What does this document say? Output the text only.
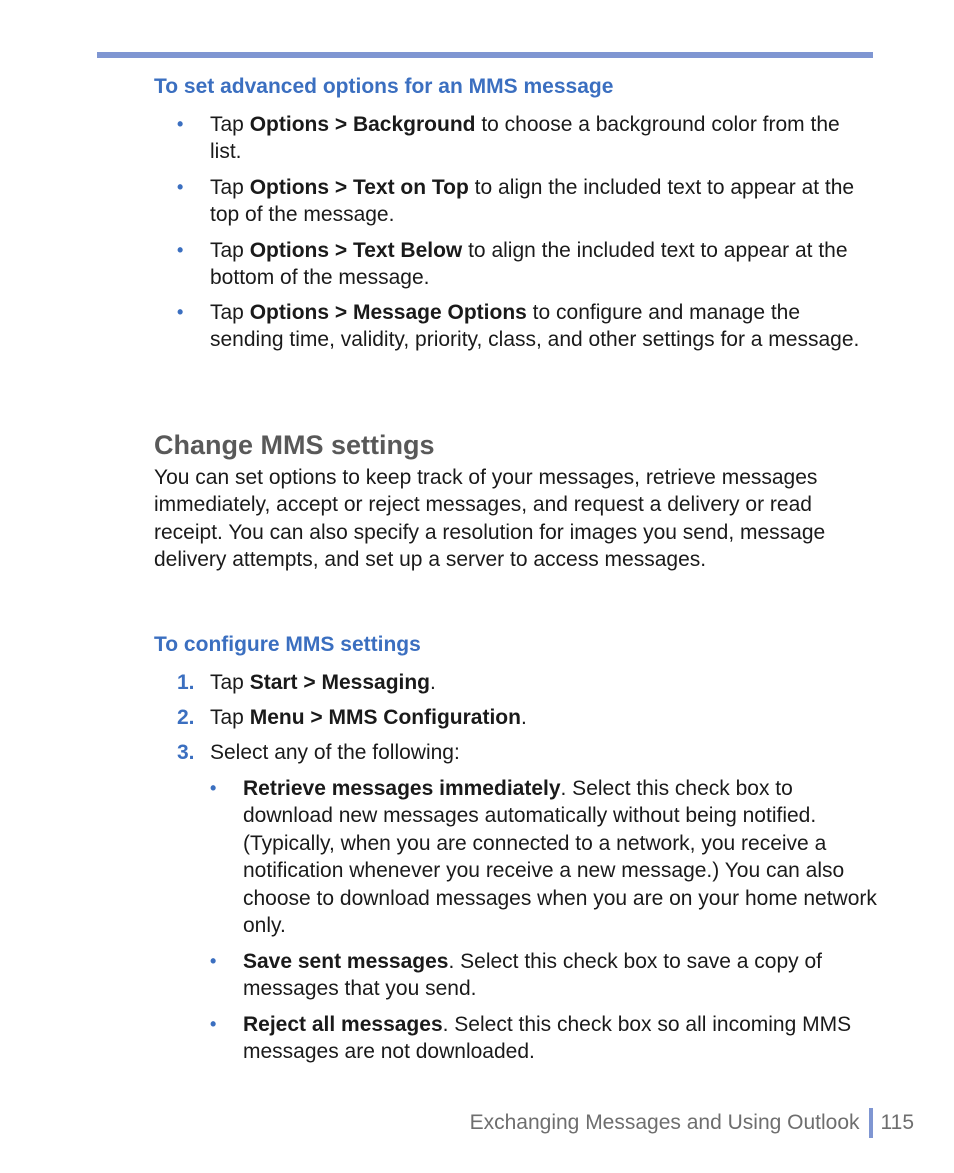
To set advanced options for an MMS message
• Tap Options > Background to choose a background color from the list.
• Tap Options > Text on Top to align the included text to appear at the top of the message.
• Tap Options > Text Below to align the included text to appear at the bottom of the message.
• Tap Options > Message Options to configure and manage the sending time, validity, priority, class, and other settings for a message.
Change MMS settings

You can set options to keep track of your messages, retrieve messages immediately, accept or reject messages, and request a delivery or read receipt. You can also specify a resolution for images you send, message delivery attempts, and set up a server to access messages.

To configure MMS settings
1. Tap Start > Messaging.
2. Tap Menu > MMS Configuration.
3. Select any of the following:
• Retrieve messages immediately. Select this check box to download new messages automatically without being notified. (Typically, when you are connected to a network, you receive a notification whenever you receive a new message.) You can also choose to download messages when you are on your home network only.
• Save sent messages. Select this check box to save a copy of messages that you send.
• Reject all messages. Select this check box so all incoming MMS messages are not downloaded.
Exchanging Messages and Using Outlook 115
